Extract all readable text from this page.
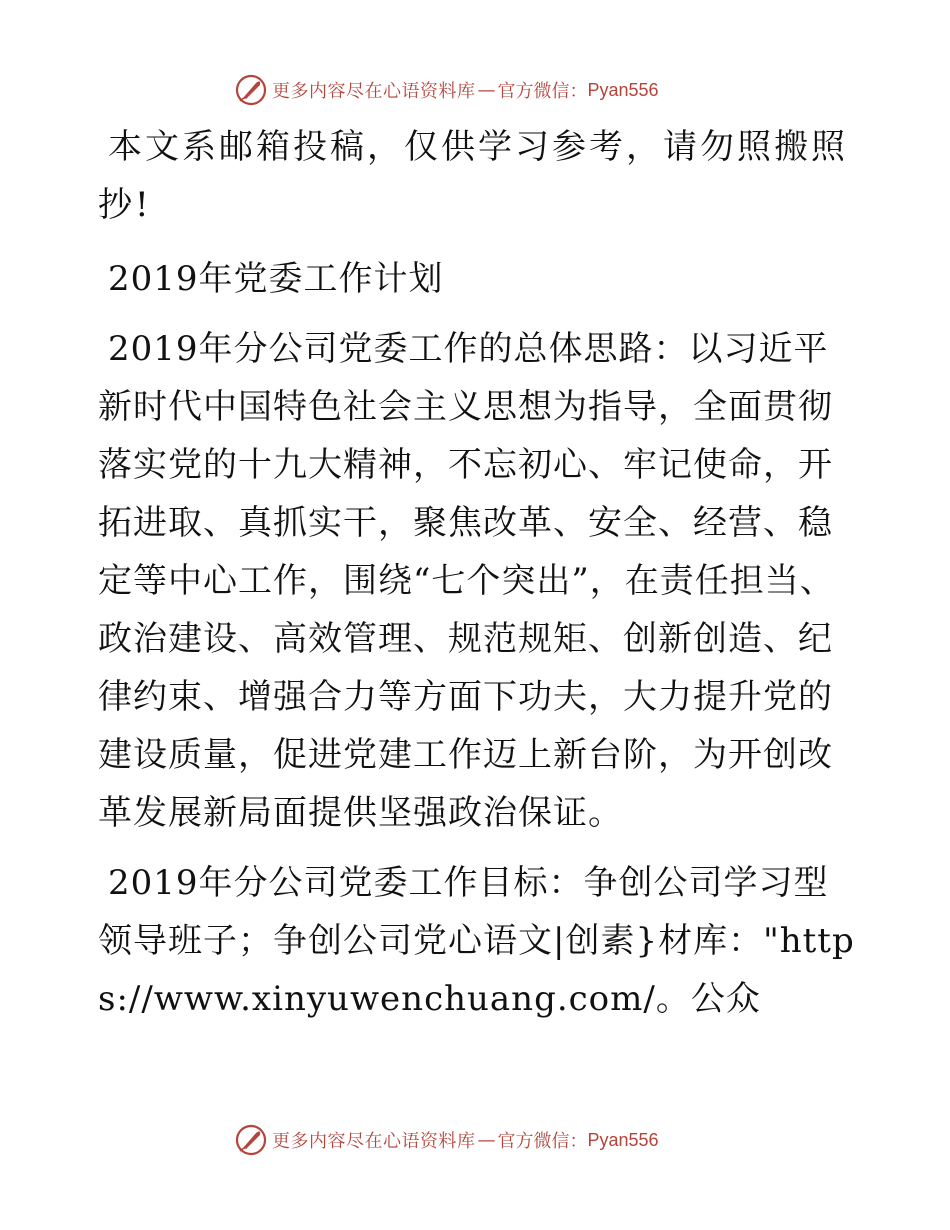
更多内容尽在心语资料库 — 官方微信： Pyan556

本文系邮箱投稿，仅供学习参考，请勿照搬照抄!

2019年党委工作计划

2019年分公司党委工作的总体思路：以习近平新时代中国特色社会主义思想为指导，全面贯彻落实党的十九大精神，不忘初心、牢记使命，开拓进取、真抓实干，聚焦改革、安全、经营、稳定等中心工作，围绕“七个突出”，在责任担当、政治建设、高效管理、规范规矩、创新创造、纪律约束、增强合力等方面下功夫，大力提升党的建设质量，促进党建工作迈上新台阶，为开创改革发展新局面提供坚强政治保证。

2019年分公司党委工作目标：争创公司学习型领导班子；争创公司党心语文|创素}材库："https://www.xinyuwenchuang.com/。公众

更多内容尽在心语资料库 — 官方微信： Pyan556
